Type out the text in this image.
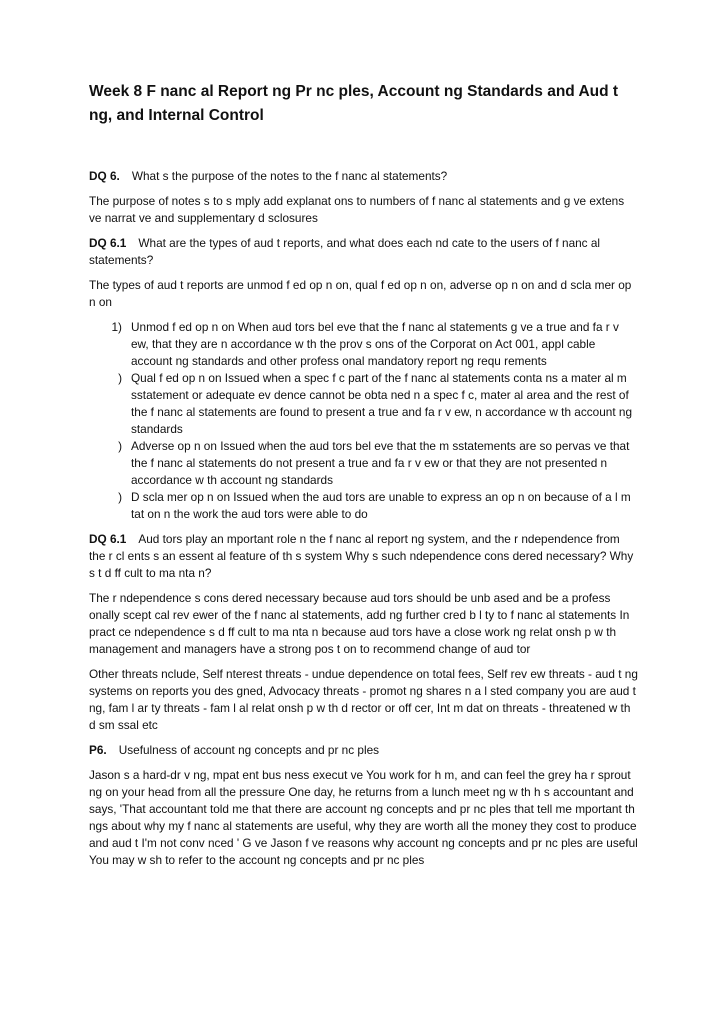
Week 8 F nanc al Report ng Pr nc ples, Account ng Standards and Aud t ng, and Internal Control

DQ 6. What s the purpose of the notes to the f nanc al statements?

The purpose of notes s to s mply add explanat ons to numbers of f nanc al statements and g ve extens ve narrat ve and supplementary d sclosures

DQ 6.1 What are the types of aud t reports, and what does each nd cate to the users of f nanc al statements?

The types of aud t reports are unmod f ed op n on, qual f ed op n on, adverse op n on and d scla mer op n on

1) Unmod f ed op n on When aud tors bel eve that the f nanc al statements g ve a true and fa r v ew, that they are n accordance w th the prov s ons of the Corporat on Act 001, appl cable account ng standards and other profess onal mandatory report ng requ rements
) Qual f ed op n on Issued when a spec f c part of the f nanc al statements conta ns a mater al m sstatement or adequate ev dence cannot be obta ned n a spec f c, mater al area and the rest of the f nanc al statements are found to present a true and fa r v ew, n accordance w th account ng standards
) Adverse op n on Issued when the aud tors bel eve that the m sstatements are so pervas ve that the f nanc al statements do not present a true and fa r v ew or that they are not presented n accordance w th account ng standards
) D scla mer op n on Issued when the aud tors are unable to express an op n on because of a l m tat on n the work the aud tors were able to do

DQ 6.1 Aud tors play an mportant role n the f nanc al report ng system, and the r ndependence from the r cl ents s an essent al feature of th s system Why s such ndependence cons dered necessary? Why s t d ff cult to ma nta n?

The r ndependence s cons dered necessary because aud tors should be unb ased and be a profess onally scept cal rev ewer of the f nanc al statements, add ng further cred b l ty to f nanc al statements In pract ce ndependence s d ff cult to ma nta n because aud tors have a close work ng relat onsh p w th management and managers have a strong pos t on to recommend change of aud tor

Other threats nclude, Self nterest threats - undue dependence on total fees, Self rev ew threats - aud t ng systems on reports you des gned, Advocacy threats - promot ng shares n a l sted company you are aud t ng, fam l ar ty threats - fam l al relat onsh p w th d rector or off cer, Int m dat on threats - threatened w th d sm ssal etc

P6. Usefulness of account ng concepts and pr nc ples

Jason s a hard-dr v ng, mpat ent bus ness execut ve You work for h m, and can feel the grey ha r sprout ng on your head from all the pressure One day, he returns from a lunch meet ng w th h s accountant and says, 'That accountant told me that there are account ng concepts and pr nc ples that tell me mportant th ngs about why my f nanc al statements are useful, why they are worth all the money they cost to produce and aud t I'm not conv nced ' G ve Jason f ve reasons why account ng concepts and pr nc ples are useful You may w sh to refer to the account ng concepts and pr nc ples
